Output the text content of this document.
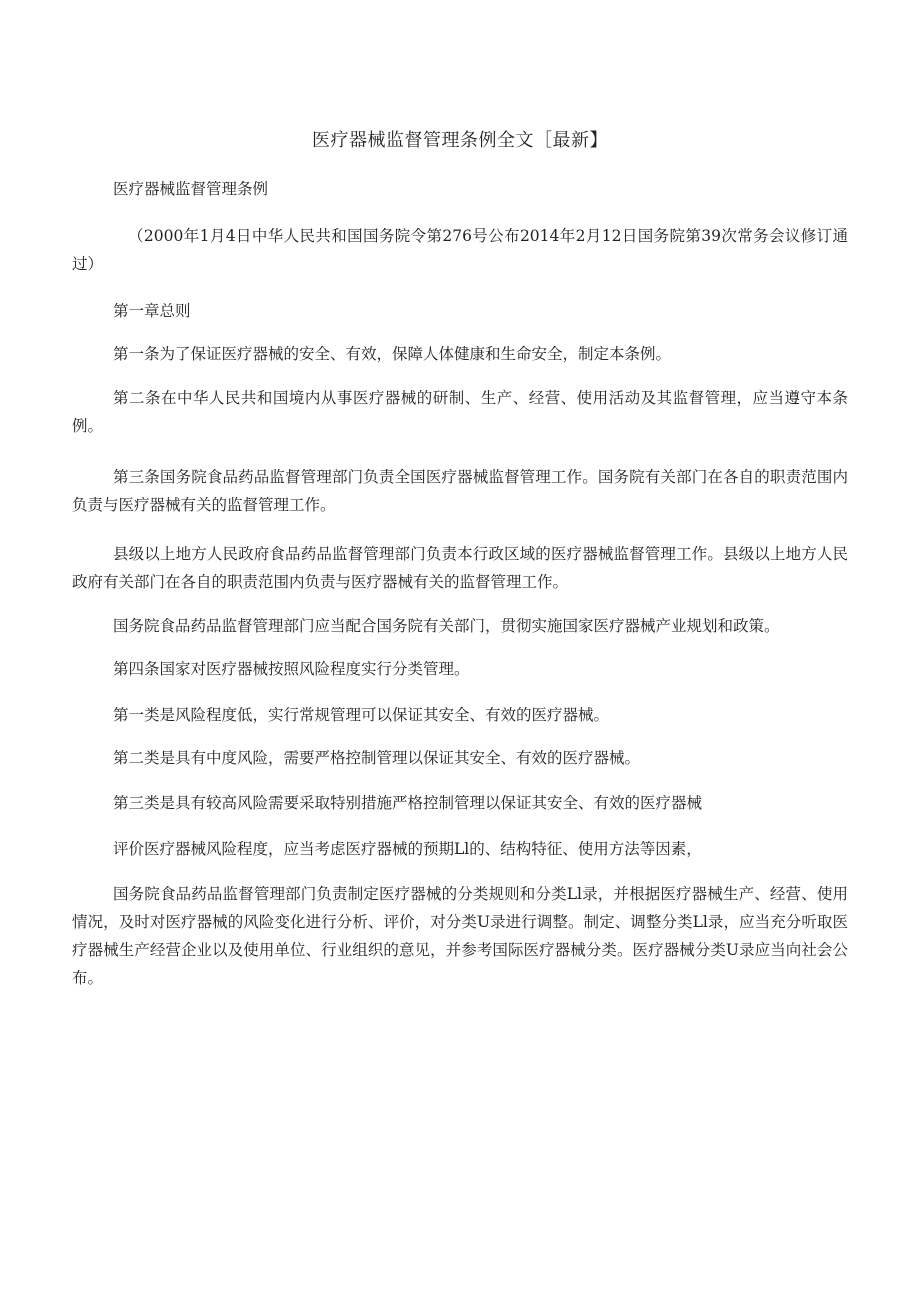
医疗器械监督管理条例全文［最新】
医疗器械监督管理条例
（2000年1月4日中华人民共和国国务院令第276号公布2014年2月12日国务院第39次常务会议修订通过）
第一章总则
第一条为了保证医疗器械的安全、有效，保障人体健康和生命安全，制定本条例。
第二条在中华人民共和国境内从事医疗器械的研制、生产、经营、使用活动及其监督管理，应当遵守本条例。
第三条国务院食品药品监督管理部门负责全国医疗器械监督管理工作。国务院有关部门在各自的职责范围内负责与医疗器械有关的监督管理工作。
县级以上地方人民政府食品药品监督管理部门负责本行政区域的医疗器械监督管理工作。县级以上地方人民政府有关部门在各自的职责范围内负责与医疗器械有关的监督管理工作。
国务院食品药品监督管理部门应当配合国务院有关部门，贯彻实施国家医疗器械产业规划和政策。
第四条国家对医疗器械按照风险程度实行分类管理。
第一类是风险程度低，实行常规管理可以保证其安全、有效的医疗器械。
第二类是具有中度风险，需要严格控制管理以保证其安全、有效的医疗器械。
第三类是具有较高风险需要采取特别措施严格控制管理以保证其安全、有效的医疗器械
评价医疗器械风险程度，应当考虑医疗器械的预期Ll的、结构特征、使用方法等因素，
国务院食品药品监督管理部门负责制定医疗器械的分类规则和分类Ll录，并根据医疗器械生产、经营、使用情况，及时对医疗器械的风险变化进行分析、评价，对分类U录进行调整。制定、调整分类Ll录，应当充分听取医疗器械生产经营企业以及使用单位、行业组织的意见，并参考国际医疗器械分类。医疗器械分类U录应当向社会公布。
